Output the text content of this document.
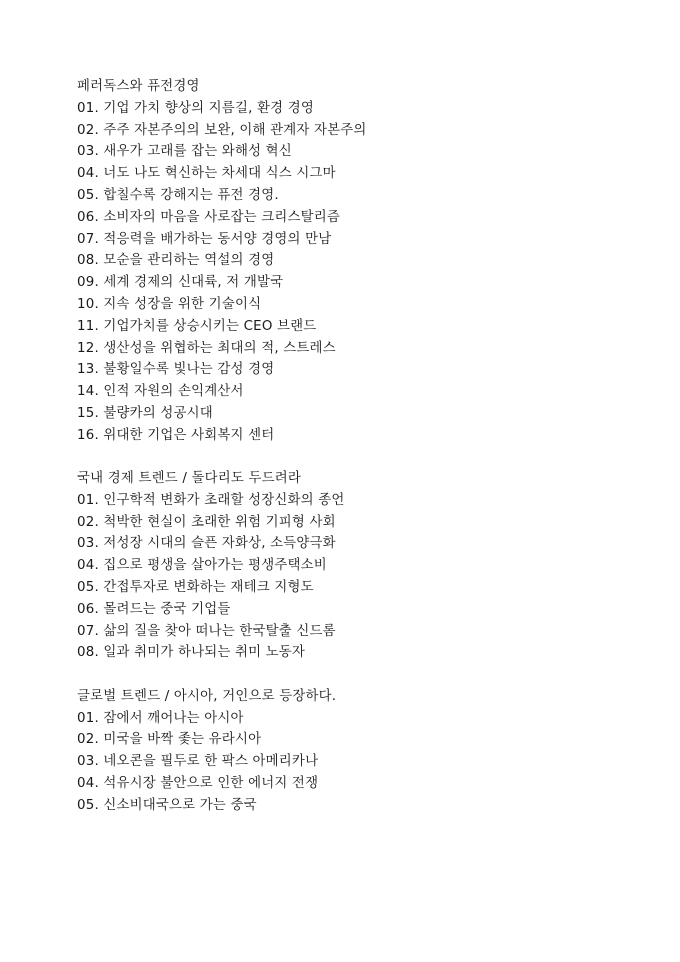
페러독스와 퓨전경영
01. 기업 가치 향상의 지름길, 환경 경영
02. 주주 자본주의의 보완, 이해 관계자 자본주의
03. 새우가 고래를 잡는 와해성 혁신
04. 너도 나도 혁신하는 차세대 식스 시그마
05. 합칠수록 강해지는 퓨전 경영.
06. 소비자의 마음을 사로잡는 크리스탈리즘
07. 적응력을 배가하는 동서양 경영의 만남
08. 모순을 관리하는 역설의 경영
09. 세계 경제의 신대륙, 저 개발국
10. 지속 성장을 위한 기술이식
11. 기업가치를 상승시키는 CEO 브랜드
12. 생산성을 위협하는 최대의 적, 스트레스
13. 불황일수록 빛나는 감성 경영
14. 인적 자원의 손익계산서
15. 불량카의 성공시대
16. 위대한 기업은 사회복지 센터
국내 경제 트렌드 / 돌다리도 두드려라
01. 인구학적 변화가 초래할 성장신화의 종언
02. 척박한 현실이 초래한 위험 기피형 사회
03. 저성장 시대의 슬픈 자화상, 소득양극화
04. 집으로 평생을 살아가는 평생주택소비
05. 간접투자로 변화하는 재테크 지형도
06. 몰려드는 중국 기업들
07. 삶의 질을 찾아 떠나는 한국탈출 신드롬
08. 일과 취미가 하나되는 취미 노동자
글로벌 트렌드 / 아시아, 거인으로 등장하다.
01. 잠에서 깨어나는 아시아
02. 미국을 바짝 좇는 유라시아
03. 네오콘을 필두로 한 팍스 아메리카나
04. 석유시장 불안으로 인한 에너지 전쟁
05. 신소비대국으로 가는 중국
